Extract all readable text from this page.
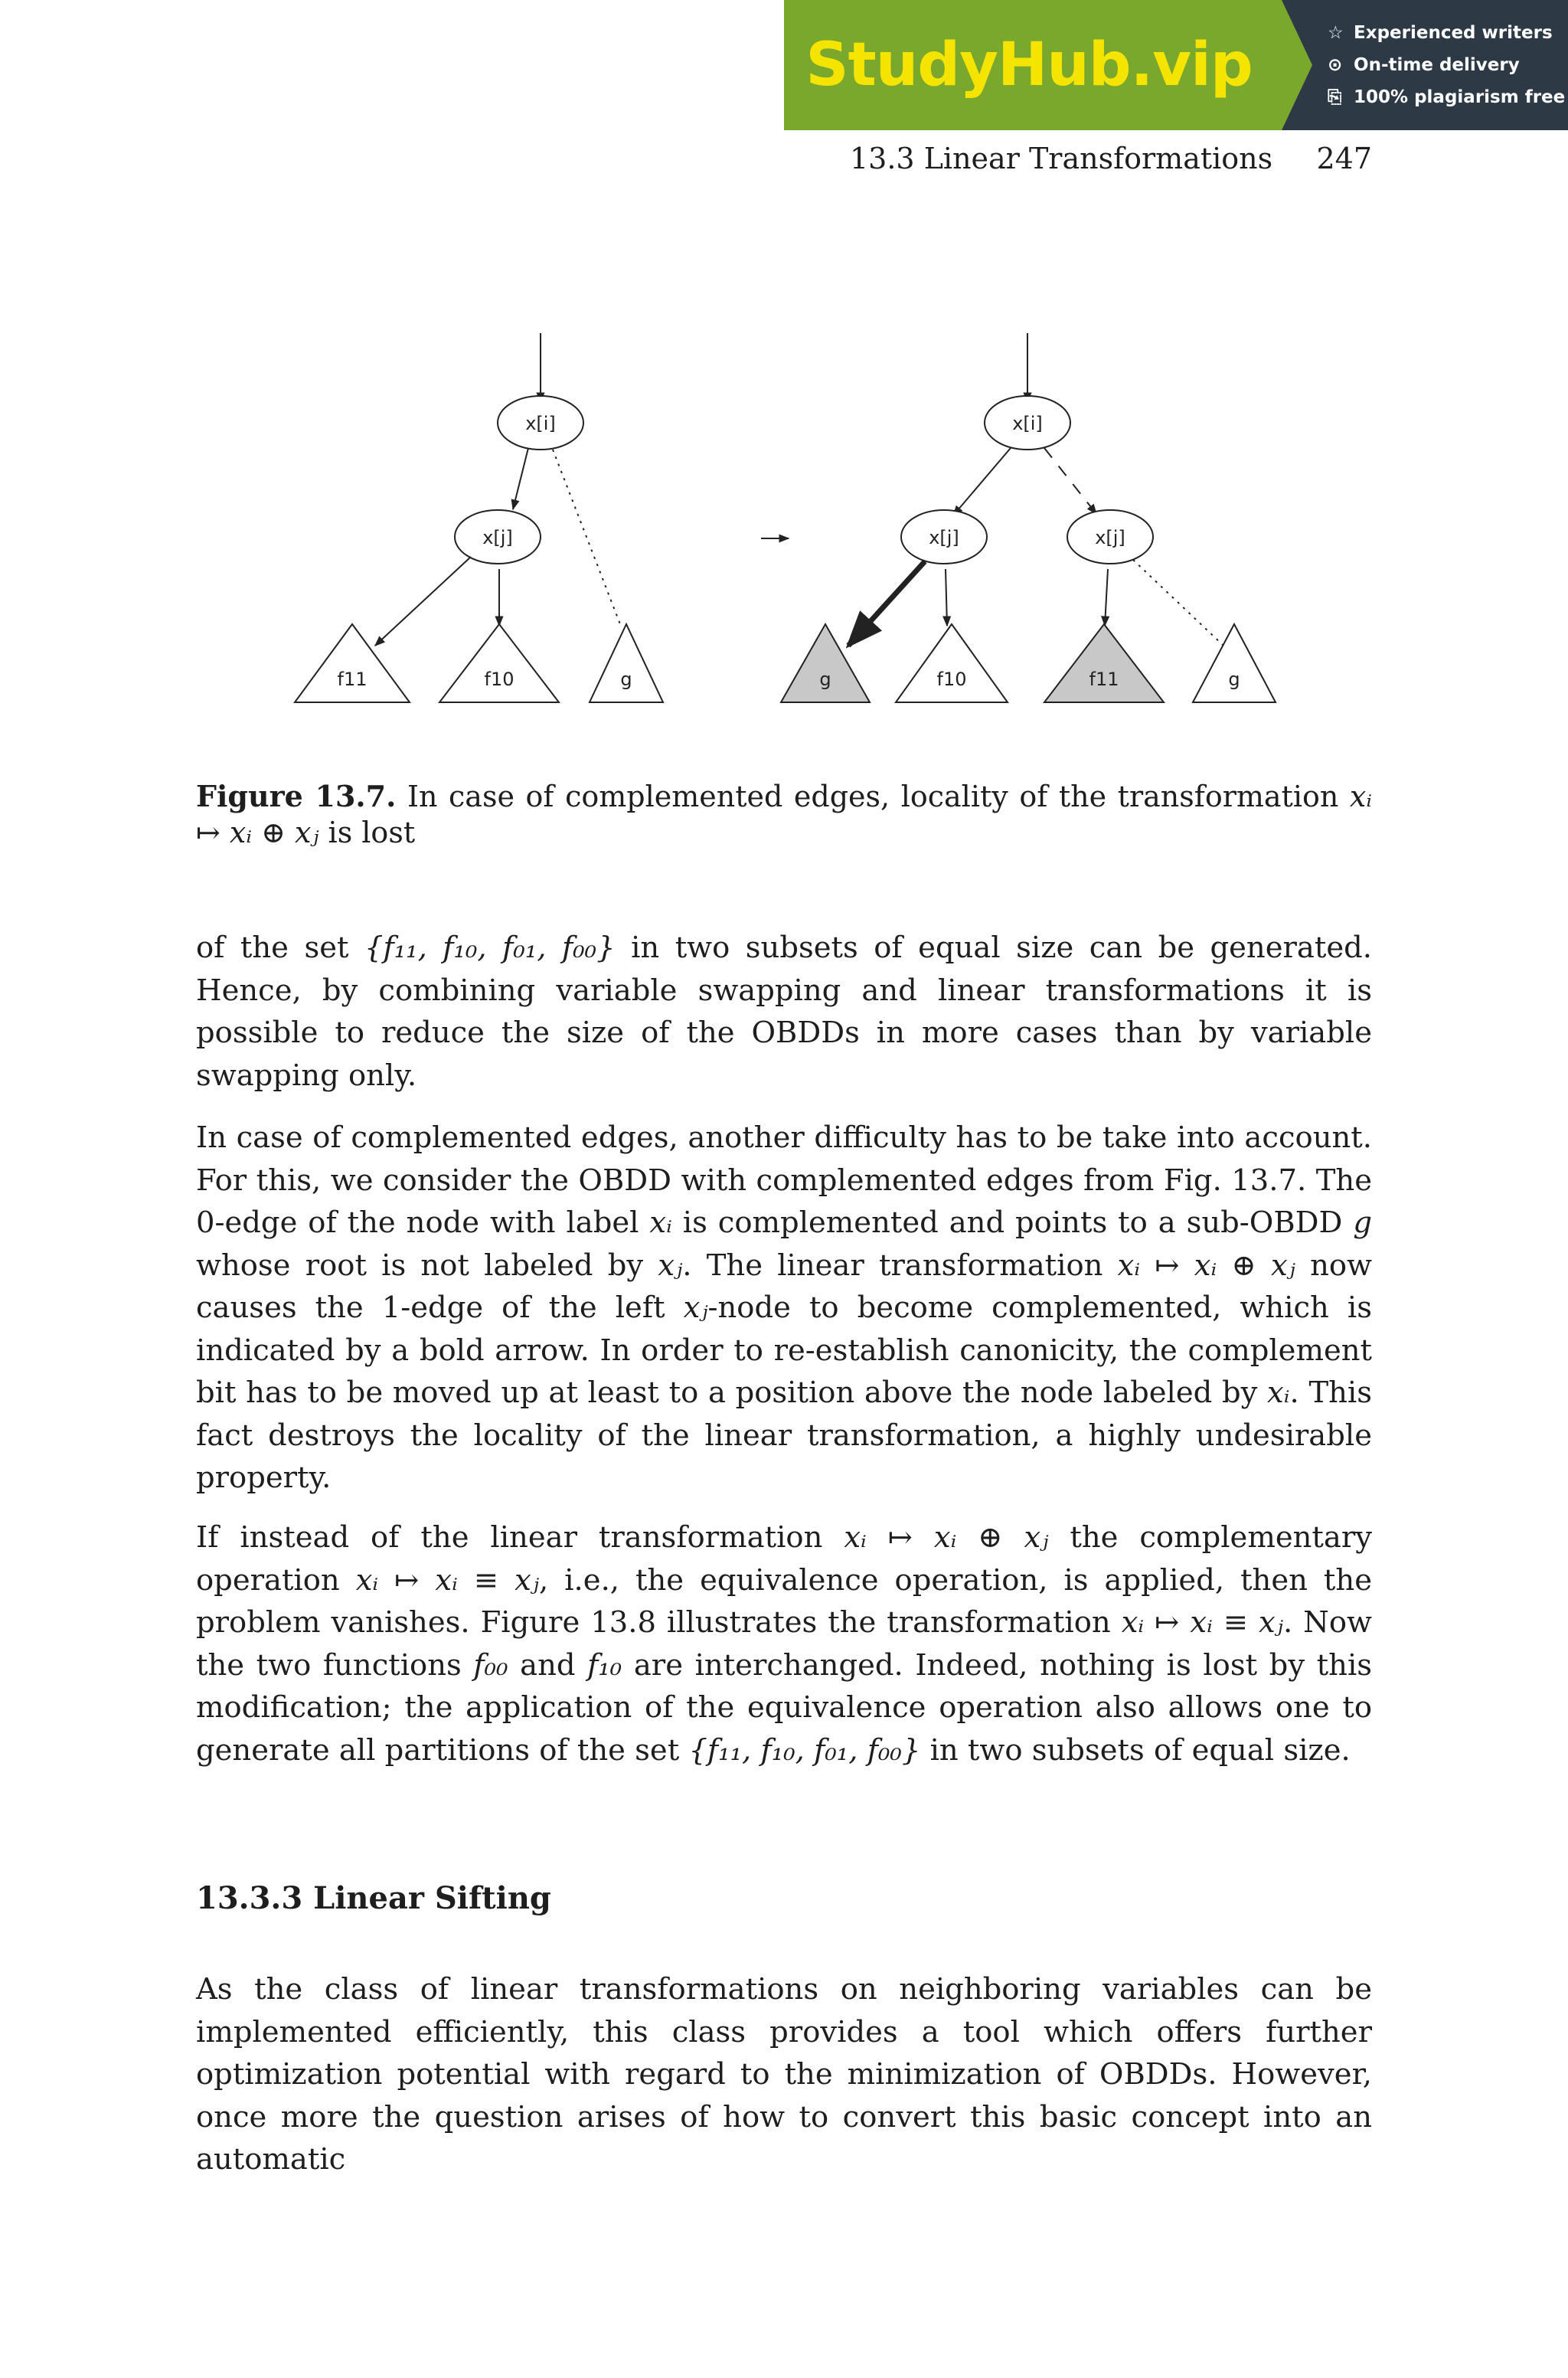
StudyHub.vip	☆ Experienced writers
⊙ On-time delivery
⎘ 100% plagiarism free
13.3 Linear Transformations 247
x[i]
x[j]
f11	f10	g
x[i]
x[j]	x[j]
g	f10	f11	g
Figure 13.7. In case of complemented edges, locality of the transformation xᵢ ↦ xᵢ ⊕ xⱼ is lost

of the set {f₁₁, f₁₀, f₀₁, f₀₀} in two subsets of equal size can be generated. Hence, by combining variable swapping and linear transformations it is possible to reduce the size of the OBDDs in more cases than by variable swapping only.

In case of complemented edges, another difficulty has to be take into account. For this, we consider the OBDD with complemented edges from Fig. 13.7. The 0-edge of the node with label xᵢ is complemented and points to a sub-OBDD g whose root is not labeled by xⱼ. The linear transformation xᵢ ↦ xᵢ ⊕ xⱼ now causes the 1-edge of the left xⱼ-node to become complemented, which is indicated by a bold arrow. In order to re-establish canonicity, the complement bit has to be moved up at least to a position above the node labeled by xᵢ. This fact destroys the locality of the linear transformation, a highly undesirable property.

If instead of the linear transformation xᵢ ↦ xᵢ ⊕ xⱼ the complementary operation xᵢ ↦ xᵢ ≡ xⱼ, i.e., the equivalence operation, is applied, then the problem vanishes. Figure 13.8 illustrates the transformation xᵢ ↦ xᵢ ≡ xⱼ. Now the two functions f₀₀ and f₁₀ are interchanged. Indeed, nothing is lost by this modification; the application of the equivalence operation also allows one to generate all partitions of the set {f₁₁, f₁₀, f₀₁, f₀₀} in two subsets of equal size.

13.3.3 Linear Sifting

As the class of linear transformations on neighboring variables can be implemented efficiently, this class provides a tool which offers further optimization potential with regard to the minimization of OBDDs. However, once more the question arises of how to convert this basic concept into an automatic
